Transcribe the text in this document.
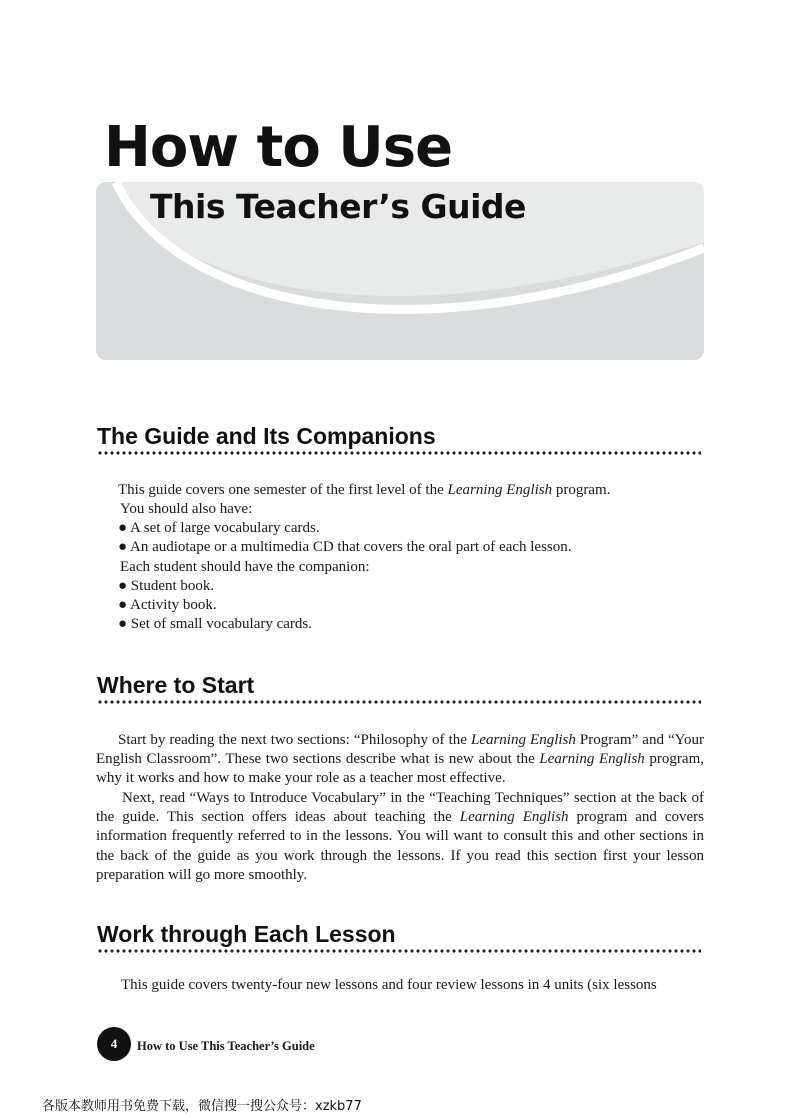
How to Use
This Teacher’s Guide
The Guide and Its Companions

This guide covers one semester of the first level of the Learning English program.

You should also have:
● A set of large vocabulary cards.
● An audiotape or a multimedia CD that covers the oral part of each lesson.
Each student should have the companion:
● Student book.
● Activity book.
● Set of small vocabulary cards.
Where to Start

Start by reading the next two sections: “Philosophy of the Learning English Program” and “Your English Classroom”. These two sections describe what is new about the Learning English program, why it works and how to make your role as a teacher most effective.

Next, read “Ways to Introduce Vocabulary” in the “Teaching Techniques” section at the back of the guide. This section offers ideas about teaching the Learning English program and covers information frequently referred to in the lessons. You will want to consult this and other sections in the back of the guide as you work through the lessons. If you read this section first your lesson preparation will go more smoothly.

Work through Each Lesson

This guide covers twenty-four new lessons and four review lessons in 4 units (six lessons

4	How to Use This Teacher’s Guide
各版本教师用书免费下载，微信搜一搜公众号：xzkb77
